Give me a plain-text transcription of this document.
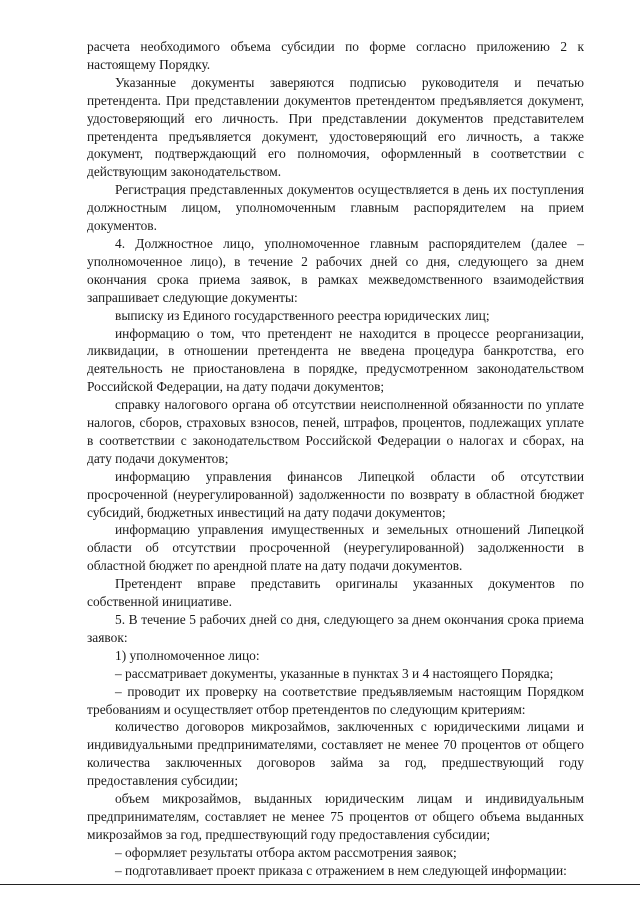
расчета необходимого объема субсидии по форме согласно приложению 2 к настоящему Порядку.

Указанные документы заверяются подписью руководителя и печатью претендента. При представлении документов претендентом предъявляется документ, удостоверяющий его личность. При представлении документов представителем претендента предъявляется документ, удостоверяющий его личность, а также документ, подтверждающий его полномочия, оформленный в соответствии с действующим законодательством.

Регистрация представленных документов осуществляется в день их поступления должностным лицом, уполномоченным главным распорядителем на прием документов.

4. Должностное лицо, уполномоченное главным распорядителем (далее – уполномоченное лицо), в течение 2 рабочих дней со дня, следующего за днем окончания срока приема заявок, в рамках межведомственного взаимодействия запрашивает следующие документы:

выписку из Единого государственного реестра юридических лиц;

информацию о том, что претендент не находится в процессе реорганизации, ликвидации, в отношении претендента не введена процедура банкротства, его деятельность не приостановлена в порядке, предусмотренном законодательством Российской Федерации, на дату подачи документов;

справку налогового органа об отсутствии неисполненной обязанности по уплате налогов, сборов, страховых взносов, пеней, штрафов, процентов, подлежащих уплате в соответствии с законодательством Российской Федерации о налогах и сборах, на дату подачи документов;

информацию управления финансов Липецкой области об отсутствии просроченной (неурегулированной) задолженности по возврату в областной бюджет субсидий, бюджетных инвестиций на дату подачи документов;

информацию управления имущественных и земельных отношений Липецкой области об отсутствии просроченной (неурегулированной) задолженности в областной бюджет по арендной плате на дату подачи документов.

Претендент вправе представить оригиналы указанных документов по собственной инициативе.

5. В течение 5 рабочих дней со дня, следующего за днем окончания срока приема заявок:

1) уполномоченное лицо:

– рассматривает документы, указанные в пунктах 3 и 4 настоящего Порядка;

– проводит их проверку на соответствие предъявляемым настоящим Порядком требованиям и осуществляет отбор претендентов по следующим критериям:

количество договоров микрозаймов, заключенных с юридическими лицами и индивидуальными предпринимателями, составляет не менее 70 процентов от общего количества заключенных договоров займа за год, предшествующий году предоставления субсидии;

объем микрозаймов, выданных юридическим лицам и индивидуальным предпринимателям, составляет не менее 75 процентов от общего объема выданных микрозаймов за год, предшествующий году предоставления субсидии;

– оформляет результаты отбора актом рассмотрения заявок;

– подготавливает проект приказа с отражением в нем следующей информации:
